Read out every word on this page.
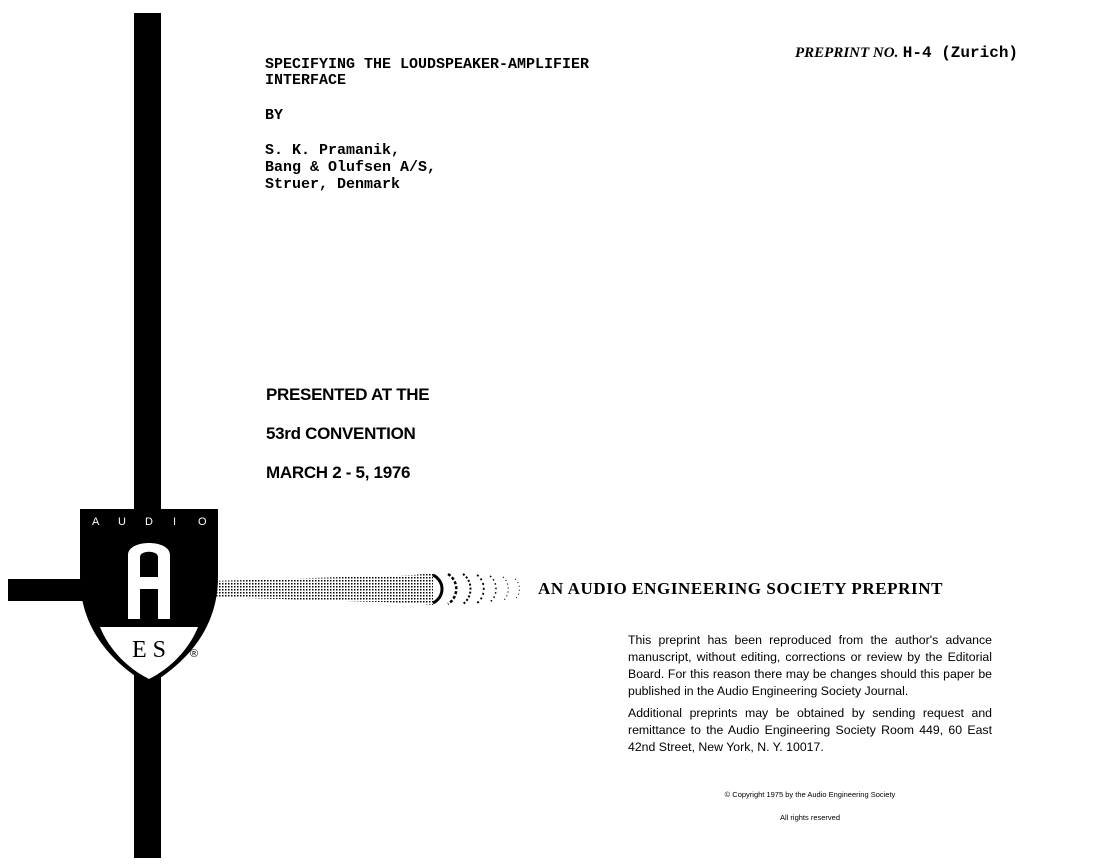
A U D I O
E S ®
PREPRINT NO. H-4 (Zurich)
SPECIFYING THE LOUDSPEAKER-AMPLIFIER
INTERFACE
BY
S. K. Pramanik,
Bang & Olufsen A/S,
Struer, Denmark
PRESENTED AT THE
53rd CONVENTION
MARCH 2 - 5, 1976
AN AUDIO ENGINEERING SOCIETY PREPRINT

This preprint has been reproduced from the author's advance manuscript, without editing, corrections or review by the Editorial Board. For this reason there may be changes should this paper be published in the Audio Engineering Society Journal.

Additional preprints may be obtained by sending request and remittance to the Audio Engineering Society Room 449, 60 East 42nd Street, New York, N. Y. 10017.

© Copyright 1975 by the Audio Engineering Society
All rights reserved
